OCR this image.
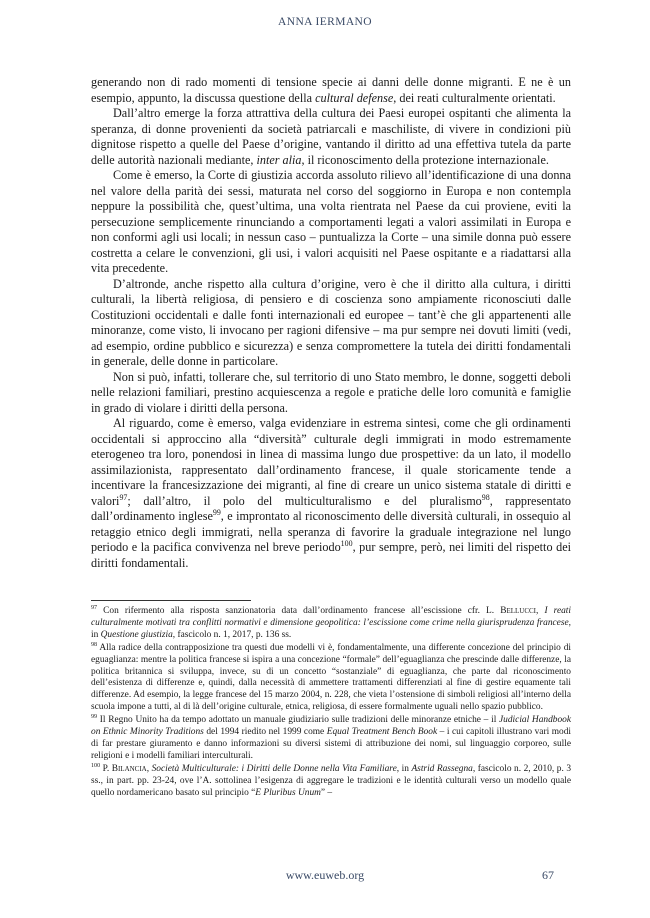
ANNA IERMANO

generando non di rado momenti di tensione specie ai danni delle donne migranti. E ne è un esempio, appunto, la discussa questione della cultural defense, dei reati culturalmente orientati.

Dall’altro emerge la forza attrattiva della cultura dei Paesi europei ospitanti che alimenta la speranza, di donne provenienti da società patriarcali e maschiliste, di vivere in condizioni più dignitose rispetto a quelle del Paese d’origine, vantando il diritto ad una effettiva tutela da parte delle autorità nazionali mediante, inter alia, il riconoscimento della protezione internazionale.

Come è emerso, la Corte di giustizia accorda assoluto rilievo all’identificazione di una donna nel valore della parità dei sessi, maturata nel corso del soggiorno in Europa e non contempla neppure la possibilità che, quest’ultima, una volta rientrata nel Paese da cui proviene, eviti la persecuzione semplicemente rinunciando a comportamenti legati a valori assimilati in Europa e non conformi agli usi locali; in nessun caso – puntualizza la Corte – una simile donna può essere costretta a celare le convenzioni, gli usi, i valori acquisiti nel Paese ospitante e a riadattarsi alla vita precedente.

D’altronde, anche rispetto alla cultura d’origine, vero è che il diritto alla cultura, i diritti culturali, la libertà religiosa, di pensiero e di coscienza sono ampiamente riconosciuti dalle Costituzioni occidentali e dalle fonti internazionali ed europee – tant’è che gli appartenenti alle minoranze, come visto, li invocano per ragioni difensive – ma pur sempre nei dovuti limiti (vedi, ad esempio, ordine pubblico e sicurezza) e senza compromettere la tutela dei diritti fondamentali in generale, delle donne in particolare.

Non si può, infatti, tollerare che, sul territorio di uno Stato membro, le donne, soggetti deboli nelle relazioni familiari, prestino acquiescenza a regole e pratiche delle loro comunità e famiglie in grado di violare i diritti della persona.

Al riguardo, come è emerso, valga evidenziare in estrema sintesi, come che gli ordinamenti occidentali si approccino alla “diversità” culturale degli immigrati in modo estremamente eterogeneo tra loro, ponendosi in linea di massima lungo due prospettive: da un lato, il modello assimilazionista, rappresentato dall’ordinamento francese, il quale storicamente tende a incentivare la francesizzazione dei migranti, al fine di creare un unico sistema statale di diritti e valori$^{97}$; dall’altro, il polo del multiculturalismo e del pluralismo$^{98}$, rappresentato dall’ordinamento inglese$^{99}$, e improntato al riconoscimento delle diversità culturali, in ossequio al retaggio etnico degli immigrati, nella speranza di favorire la graduale integrazione nel lungo periodo e la pacifica convivenza nel breve periodo$^{100}$, pur sempre, però, nei limiti del rispetto dei diritti fondamentali.

$^{97}$ Con rifermento alla risposta sanzionatoria data dall’ordinamento francese all’escissione cfr. L. Bellucci, I reati culturalmente motivati tra conflitti normativi e dimensione geopolitica: l’escissione come crime nella giurisprudenza francese, in Questione giustizia, fascicolo n. 1, 2017, p. 136 ss.

$^{98}$ Alla radice della contrapposizione tra questi due modelli vi è, fondamentalmente, una differente concezione del principio di eguaglianza: mentre la politica francese si ispira a una concezione “formale” dell’eguaglianza che prescinde dalle differenze, la politica britannica si sviluppa, invece, su di un concetto “sostanziale” di eguaglianza, che parte dal riconoscimento dell’esistenza di differenze e, quindi, dalla necessità di ammettere trattamenti differenziati al fine di gestire equamente tali differenze. Ad esempio, la legge francese del 15 marzo 2004, n. 228, che vieta l’ostensione di simboli religiosi all’interno della scuola impone a tutti, al di là dell’origine culturale, etnica, religiosa, di essere formalmente uguali nello spazio pubblico.

$^{99}$ Il Regno Unito ha da tempo adottato un manuale giudiziario sulle tradizioni delle minoranze etniche – il Judicial Handbook on Ethnic Minority Traditions del 1994 riedito nel 1999 come Equal Treatment Bench Book – i cui capitoli illustrano vari modi di far prestare giuramento e danno informazioni su diversi sistemi di attribuzione dei nomi, sul linguaggio corporeo, sulle religioni e i modelli familiari interculturali.

$^{100}$ P. Bilancia, Società Multiculturale: i Diritti delle Donne nella Vita Familiare, in Astrid Rassegna, fascicolo n. 2, 2010, p. 3 ss., in part. pp. 23-24, ove l’A. sottolinea l’esigenza di aggregare le tradizioni e le identità culturali verso un modello quale quello nordamericano basato sul principio “E Pluribus Unum” –

www.euweb.org	67
